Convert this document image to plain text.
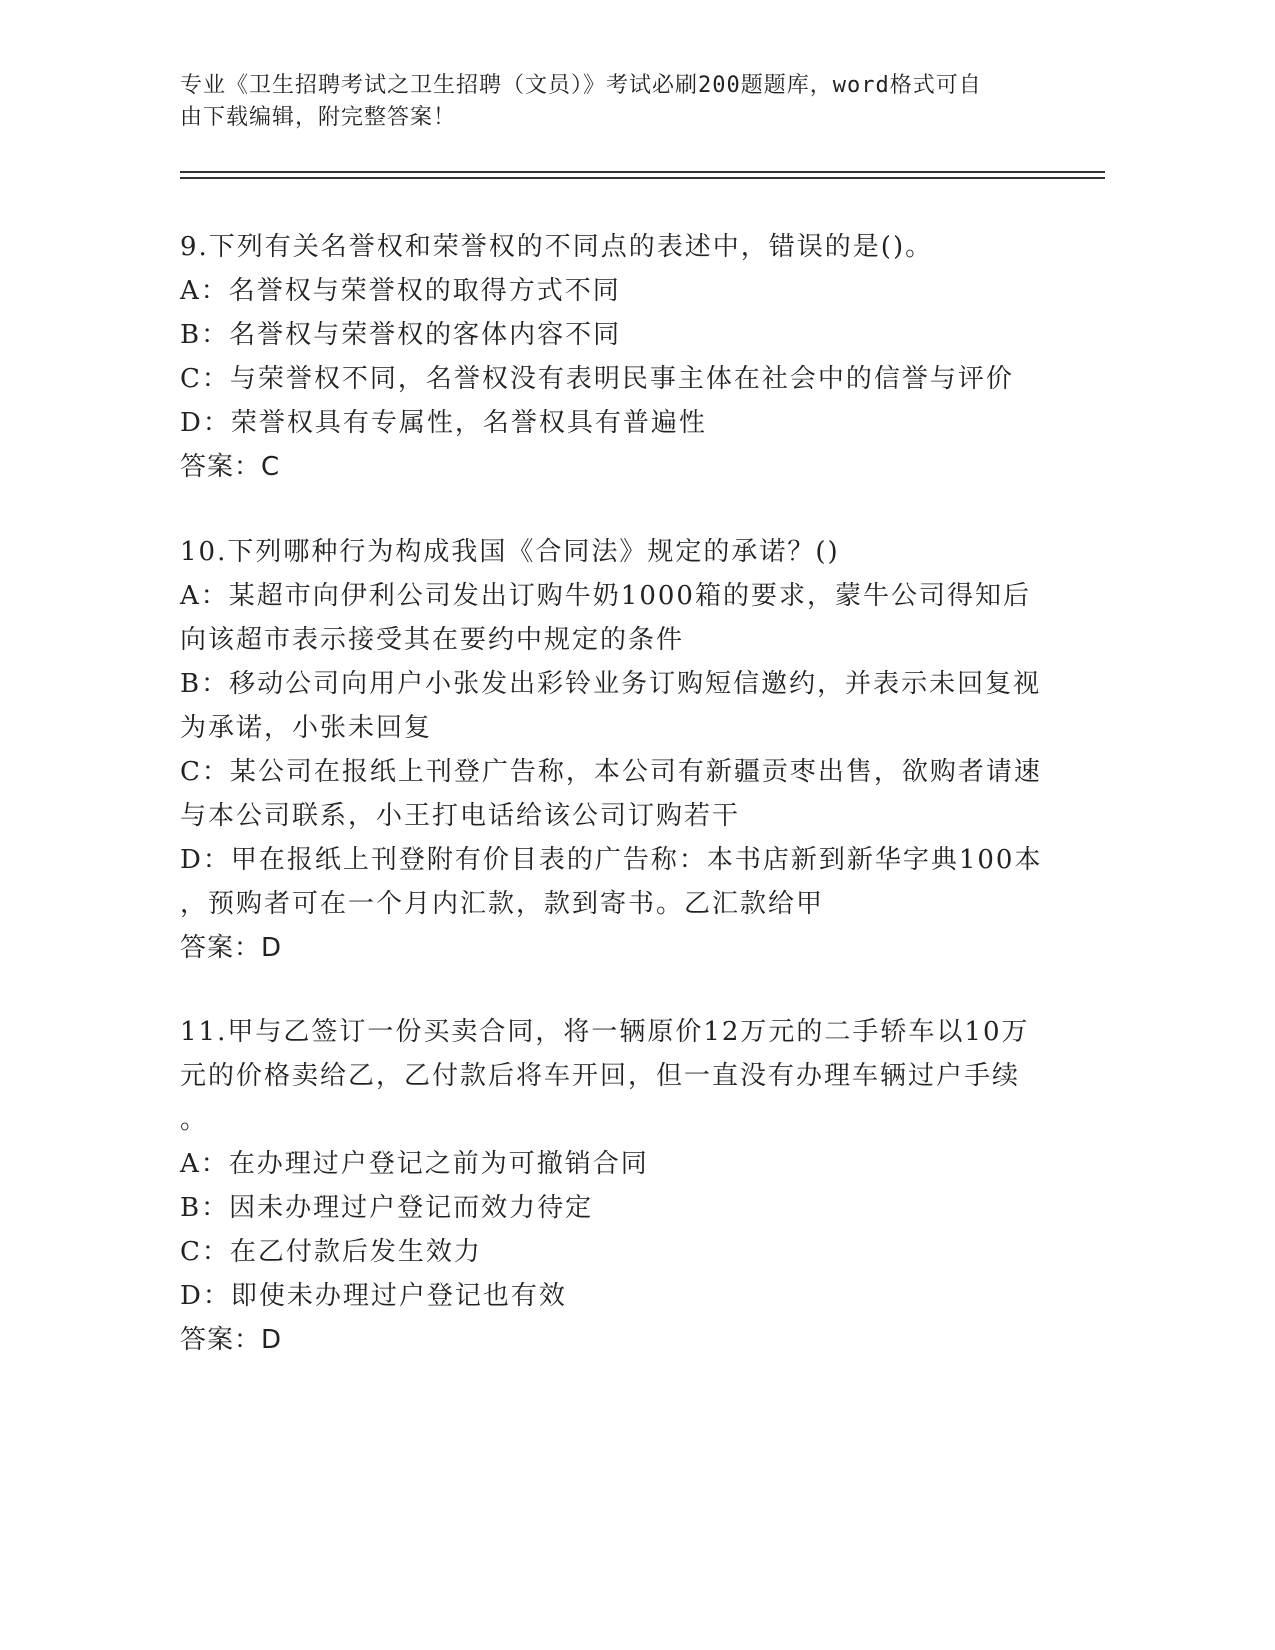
专业《卫生招聘考试之卫生招聘（文员）》考试必刷200题题库，word格式可自
由下载编辑，附完整答案！
9.下列有关名誉权和荣誉权的不同点的表述中，错误的是()。
A：名誉权与荣誉权的取得方式不同
B：名誉权与荣誉权的客体内容不同
C：与荣誉权不同，名誉权没有表明民事主体在社会中的信誉与评价
D：荣誉权具有专属性，名誉权具有普遍性
答案：C
10.下列哪种行为构成我国《合同法》规定的承诺？()
A：某超市向伊利公司发出订购牛奶1000箱的要求，蒙牛公司得知后
向该超市表示接受其在要约中规定的条件
B：移动公司向用户小张发出彩铃业务订购短信邀约，并表示未回复视
为承诺，小张未回复
C：某公司在报纸上刊登广告称，本公司有新疆贡枣出售，欲购者请速
与本公司联系，小王打电话给该公司订购若干
D：甲在报纸上刊登附有价目表的广告称：本书店新到新华字典100本
，预购者可在一个月内汇款，款到寄书。乙汇款给甲
答案：D
11.甲与乙签订一份买卖合同，将一辆原价12万元的二手轿车以10万
元的价格卖给乙，乙付款后将车开回，但一直没有办理车辆过户手续
。
A：在办理过户登记之前为可撤销合同
B：因未办理过户登记而效力待定
C：在乙付款后发生效力
D：即使未办理过户登记也有效
答案：D
